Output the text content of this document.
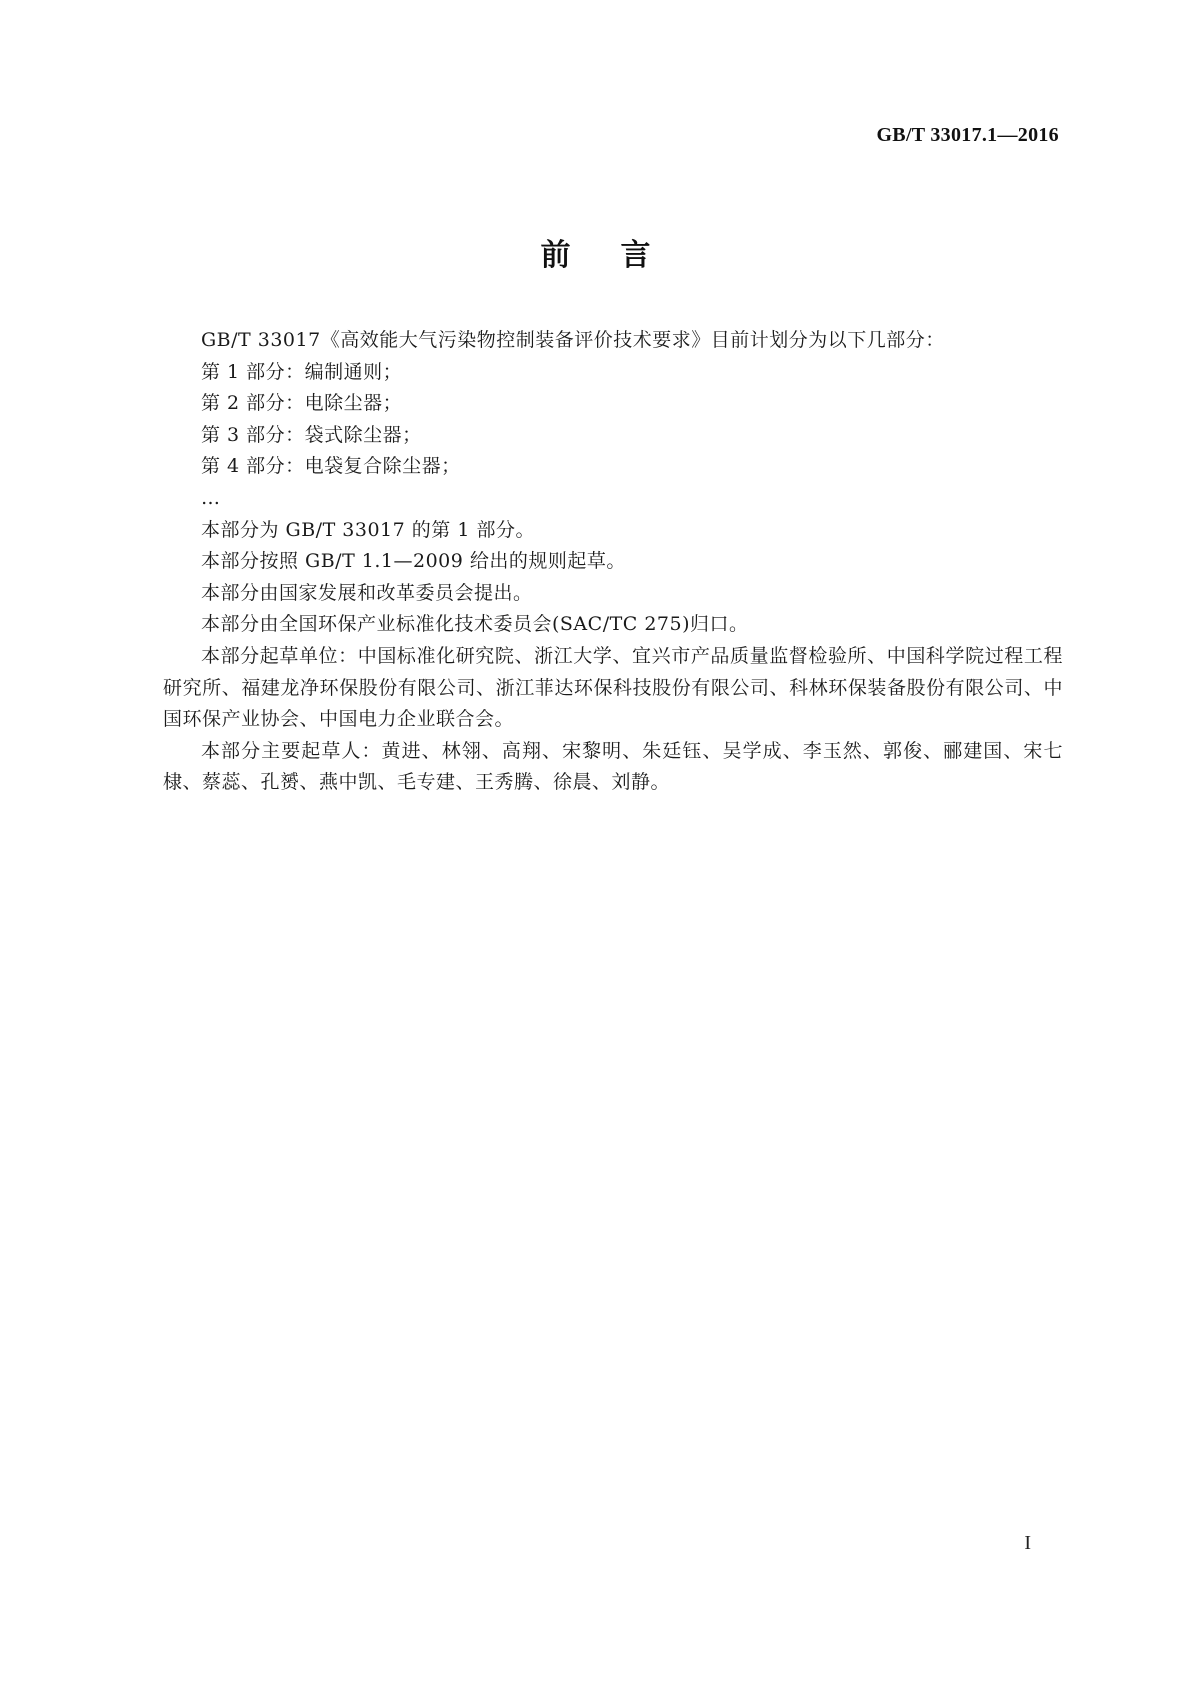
GB/T 33017.1—2016
前言

GB/T 33017《高效能大气污染物控制装备评价技术要求》目前计划分为以下几部分：

第 1 部分：编制通则；

第 2 部分：电除尘器；

第 3 部分：袋式除尘器；

第 4 部分：电袋复合除尘器；

…

本部分为 GB/T 33017 的第 1 部分。

本部分按照 GB/T 1.1—2009 给出的规则起草。

本部分由国家发展和改革委员会提出。

本部分由全国环保产业标准化技术委员会(SAC/TC 275)归口。

本部分起草单位：中国标准化研究院、浙江大学、宜兴市产品质量监督检验所、中国科学院过程工程研究所、福建龙净环保股份有限公司、浙江菲达环保科技股份有限公司、科林环保装备股份有限公司、中国环保产业协会、中国电力企业联合会。

本部分主要起草人：黄进、林翎、高翔、宋黎明、朱廷钰、吴学成、李玉然、郭俊、郦建国、宋七棣、蔡蕊、孔赟、燕中凯、毛专建、王秀腾、徐晨、刘静。

I
